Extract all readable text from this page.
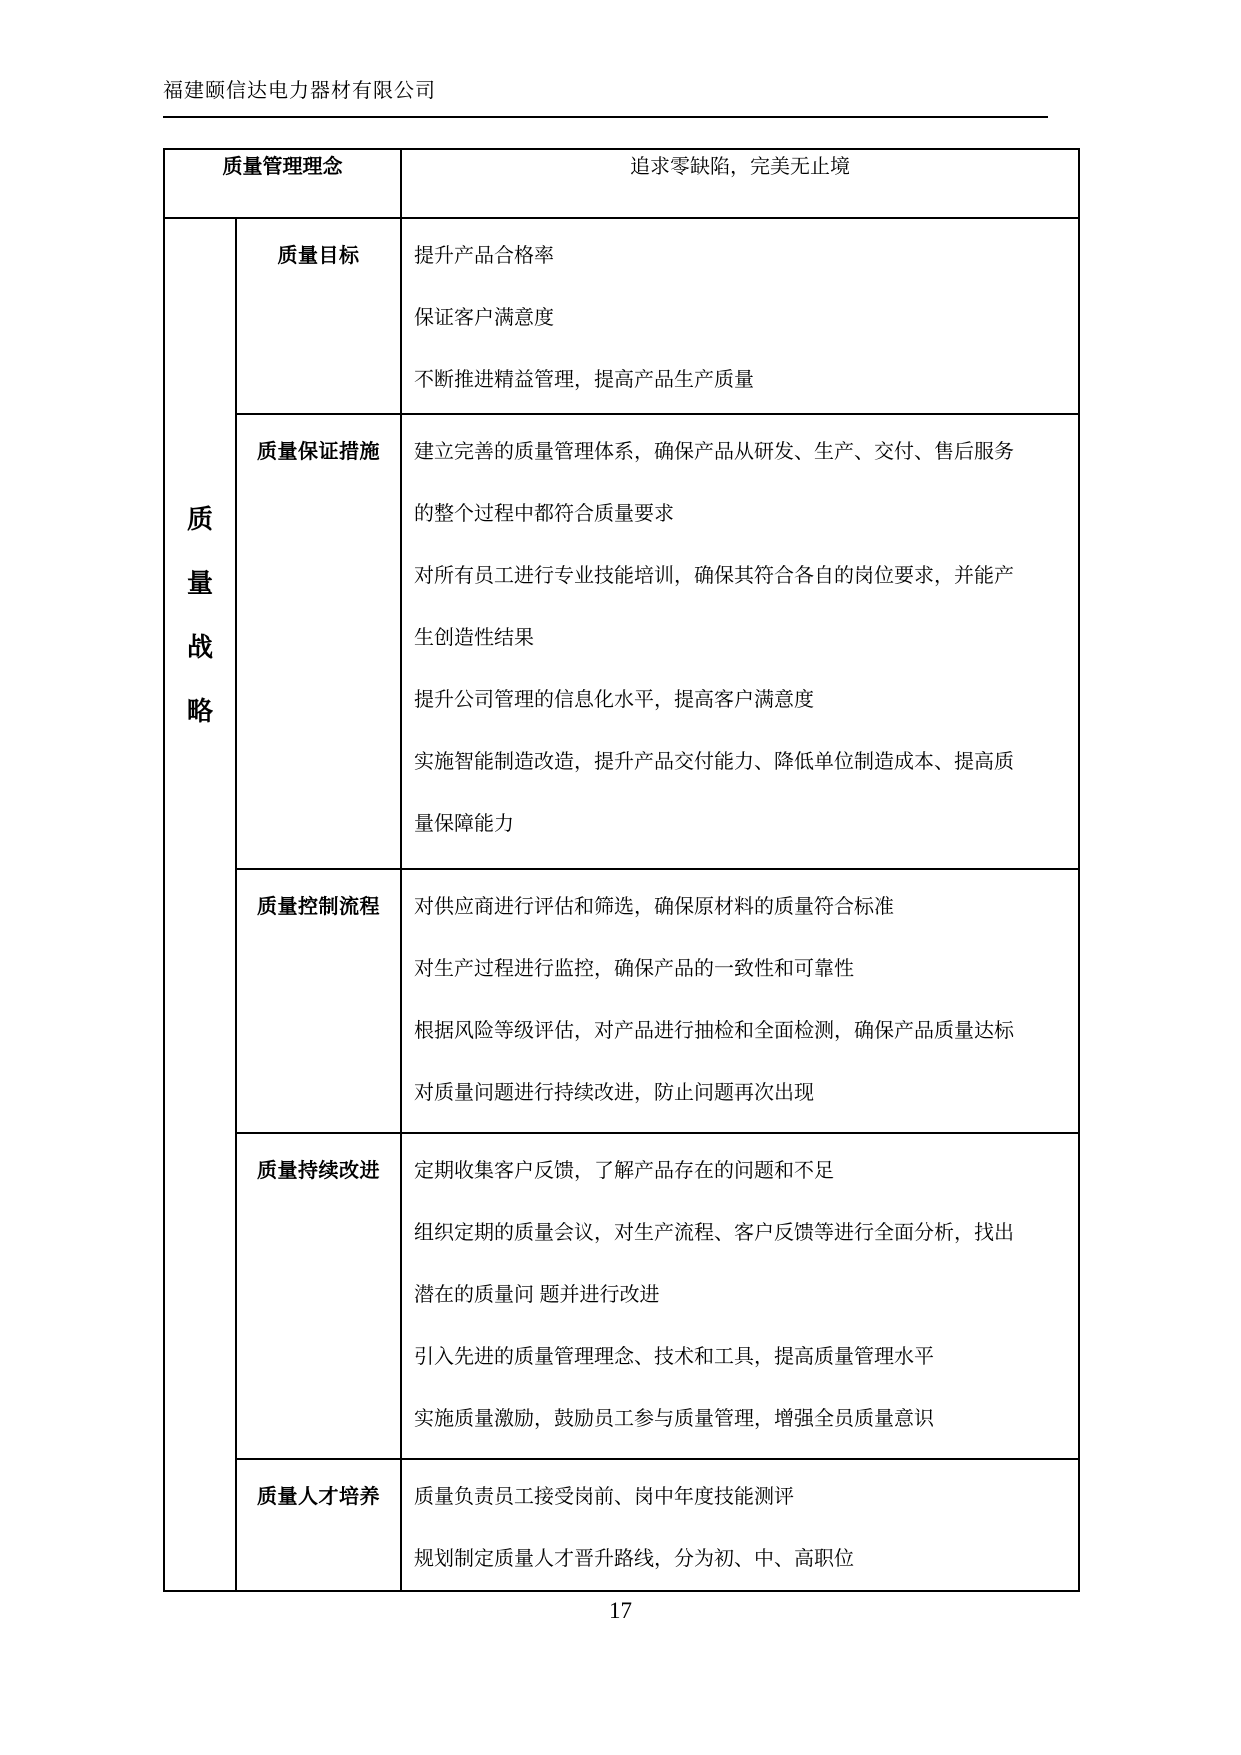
福建颐信达电力器材有限公司
质量管理理念		追求零缺陷，完美无止境

质
量
战
略
	质量目标	提升产品合格率
保证客户满意度
不断推进精益管理，提高产品生产质量

质量保证措施	建立完善的质量管理体系，确保产品从研发、生产、交付、售后服务
的整个过程中都符合质量要求
对所有员工进行专业技能培训，确保其符合各自的岗位要求，并能产
生创造性结果
提升公司管理的信息化水平，提高客户满意度
实施智能制造改造，提升产品交付能力、降低单位制造成本、提高质
量保障能力

	质量控制流程	对供应商进行评估和筛选，确保原材料的质量符合标准
对生产过程进行监控，确保产品的一致性和可靠性
根据风险等级评估，对产品进行抽检和全面检测，确保产品质量达标
对质量问题进行持续改进，防止问题再次出现

	质量持续改进	定期收集客户反馈，了解产品存在的问题和不足
组织定期的质量会议，对生产流程、客户反馈等进行全面分析，找出
潜在的质量问 题并进行改进
引入先进的质量管理理念、技术和工具，提高质量管理水平
实施质量激励，鼓励员工参与质量管理，增强全员质量意识

	质量人才培养	质量负责员工接受岗前、岗中年度技能测评
规划制定质量人才晋升路线，分为初、中、高职位
17
